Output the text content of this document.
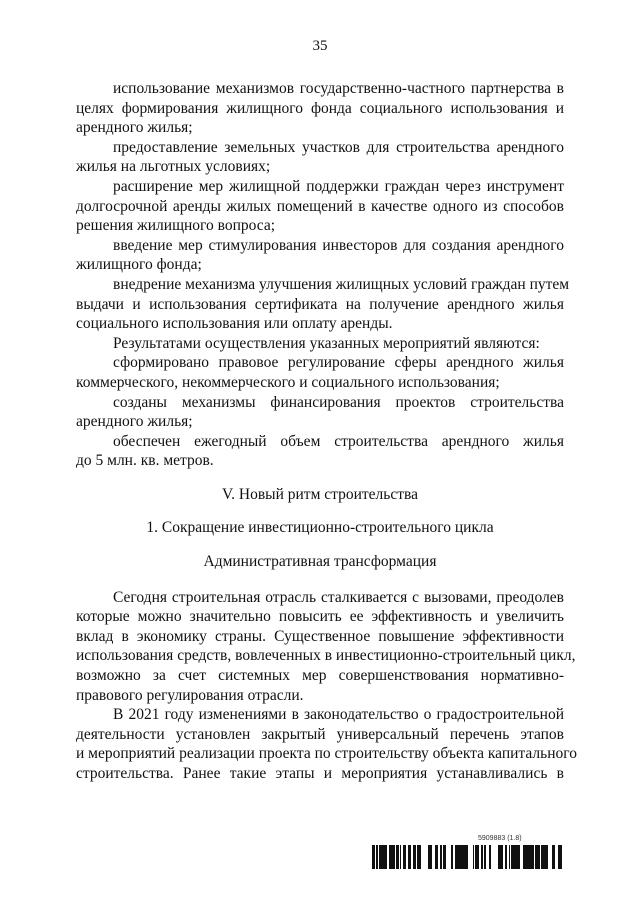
35
использование механизмов государственно-частного партнерства в
целях формирования жилищного фонда социального использования и
арендного жилья;
предоставление земельных участков для строительства арендного
жилья на льготных условиях;
расширение мер жилищной поддержки граждан через инструмент
долгосрочной аренды жилых помещений в качестве одного из способов
решения жилищного вопроса;
введение мер стимулирования инвесторов для создания арендного
жилищного фонда;
внедрение механизма улучшения жилищных условий граждан путем
выдачи и использования сертификата на получение арендного жилья
социального использования или оплату аренды.
Результатами осуществления указанных мероприятий являются:
сформировано правовое регулирование сферы арендного жилья
коммерческого, некоммерческого и социального использования;
созданы механизмы финансирования проектов строительства
арендного жилья;
обеспечен ежегодный объем строительства арендного жилья
до 5 млн. кв. метров.
V. Новый ритм строительства
1. Сокращение инвестиционно-строительного цикла
Административная трансформация
Сегодня строительная отрасль сталкивается с вызовами, преодолев
которые можно значительно повысить ее эффективность и увеличить
вклад в экономику страны. Существенное повышение эффективности
использования средств, вовлеченных в инвестиционно-строительный цикл,
возможно за счет системных мер совершенствования нормативно-
правового регулирования отрасли.
В 2021 году изменениями в законодательство о градостроительной
деятельности установлен закрытый универсальный перечень этапов
и мероприятий реализации проекта по строительству объекта капитального
строительства. Ранее такие этапы и мероприятия устанавливались в
5909883 (1.8)
